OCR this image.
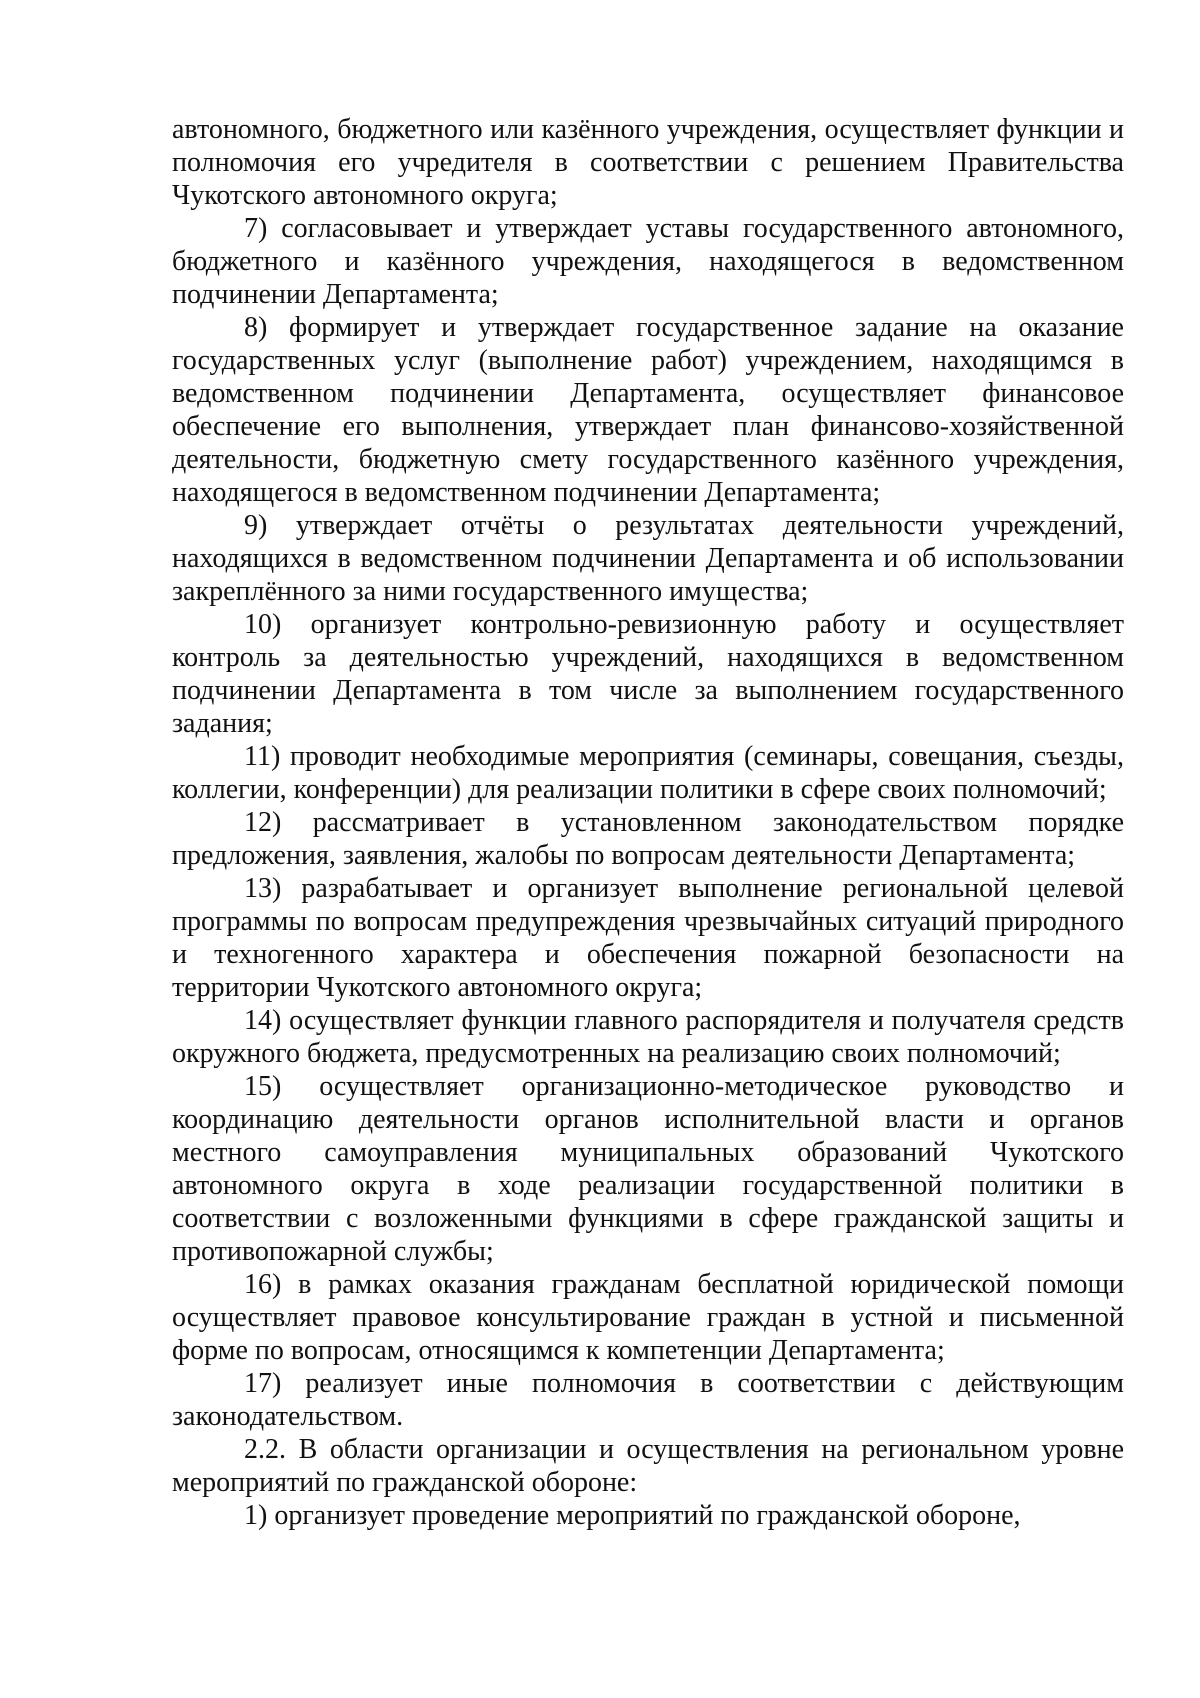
автономного, бюджетного или казённого учреждения, осуществляет функции и полномочия его учредителя в соответствии с решением Правительства Чукотского автономного округа;

7) согласовывает и утверждает уставы государственного автономного, бюджетного и казённого учреждения, находящегося в ведомственном подчинении Департамента;

8) формирует и утверждает государственное задание на оказание государственных услуг (выполнение работ) учреждением, находящимся в ведомственном подчинении Департамента, осуществляет финансовое обеспечение его выполнения, утверждает план финансово-хозяйственной деятельности, бюджетную смету государственного казённого учреждения, находящегося в ведомственном подчинении Департамента;

9) утверждает отчёты о результатах деятельности учреждений, находящихся в ведомственном подчинении Департамента и об использовании закреплённого за ними государственного имущества;

10) организует контрольно-ревизионную работу и осуществляет контроль за деятельностью учреждений, находящихся в ведомственном подчинении Департамента в том числе за выполнением государственного задания;

11) проводит необходимые мероприятия (семинары, совещания, съезды, коллегии, конференции) для реализации политики в сфере своих полномочий;

12) рассматривает в установленном законодательством порядке предложения, заявления, жалобы по вопросам деятельности Департамента;

13) разрабатывает и организует выполнение региональной целевой программы по вопросам предупреждения чрезвычайных ситуаций природного и техногенного характера и обеспечения пожарной безопасности на территории Чукотского автономного округа;

14) осуществляет функции главного распорядителя и получателя средств окружного бюджета, предусмотренных на реализацию своих полномочий;

15) осуществляет организационно-методическое руководство и координацию деятельности органов исполнительной власти и органов местного самоуправления муниципальных образований Чукотского автономного округа в ходе реализации государственной политики в соответствии с возложенными функциями в сфере гражданской защиты и противопожарной службы;

16) в рамках оказания гражданам бесплатной юридической помощи осуществляет правовое консультирование граждан в устной и письменной форме по вопросам, относящимся к компетенции Департамента;

17) реализует иные полномочия в соответствии с действующим законодательством.

2.2. В области организации и осуществления на региональном уровне мероприятий по гражданской обороне:

1) организует проведение мероприятий по гражданской обороне,
